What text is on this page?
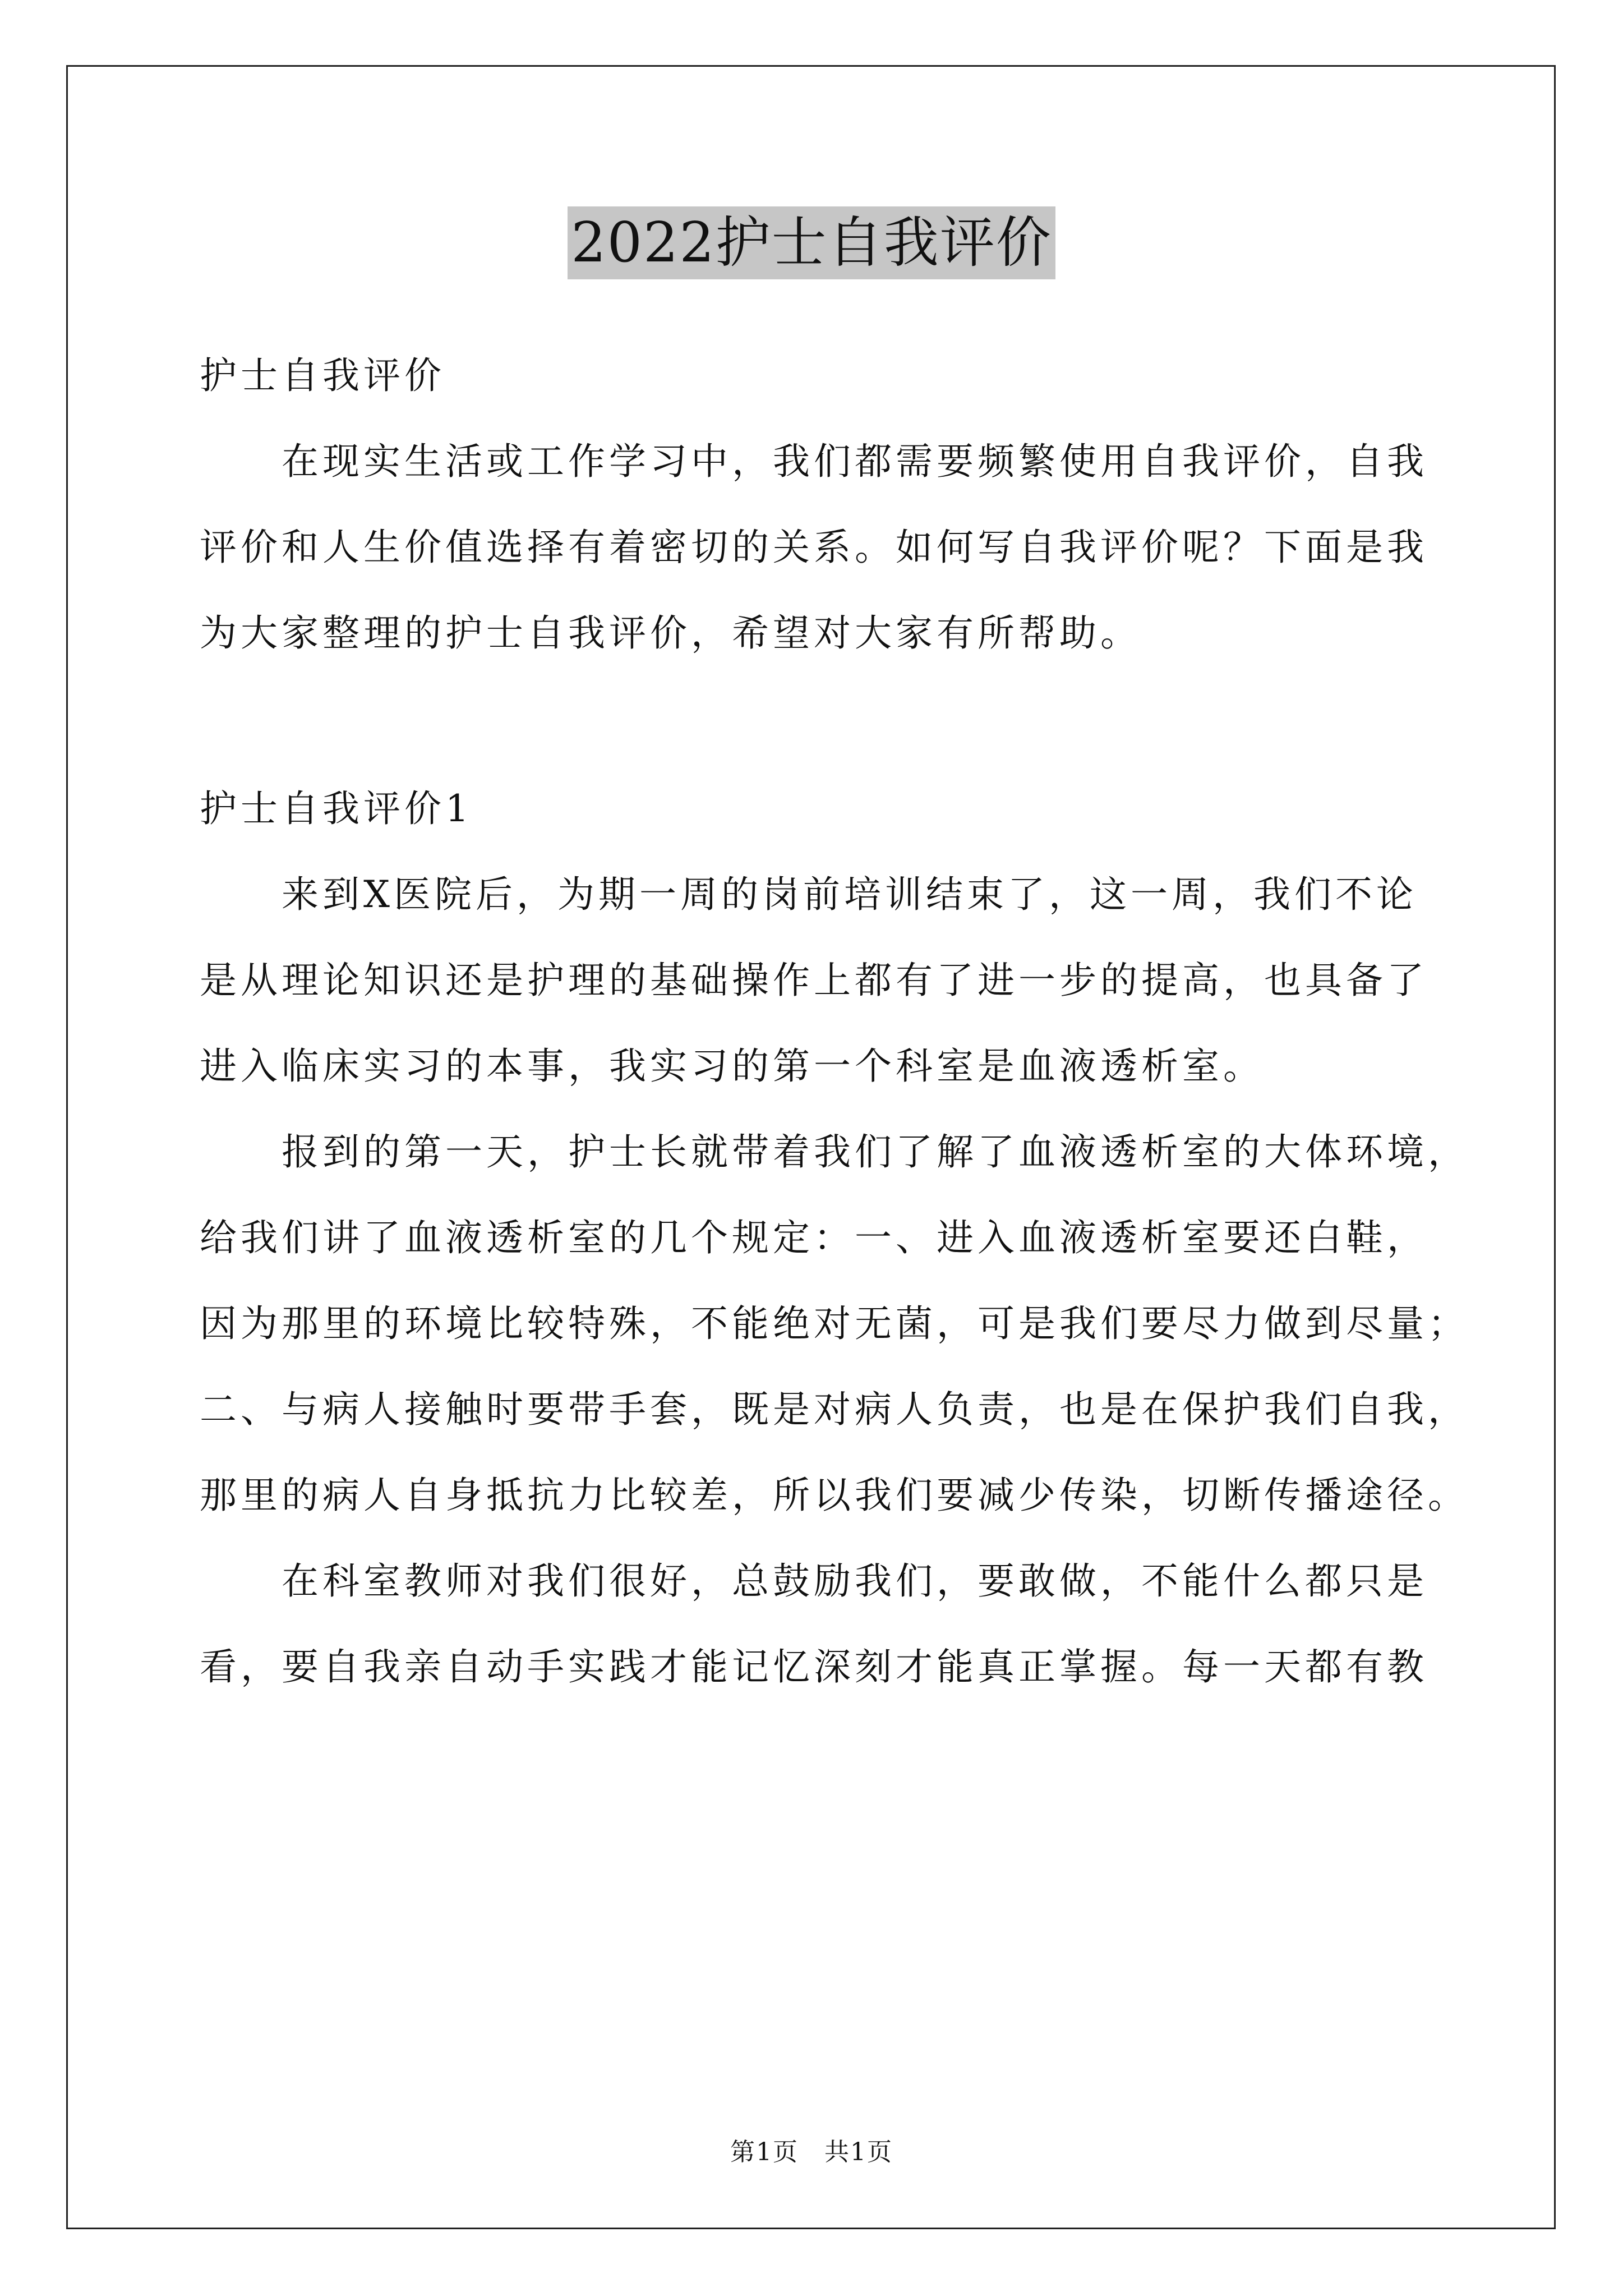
2022护士自我评价
护士自我评价
在现实生活或工作学习中，我们都需要频繁使用自我评价，自我
评价和人生价值选择有着密切的关系。如何写自我评价呢？下面是我
为大家整理的护士自我评价，希望对大家有所帮助。
护士自我评价1
来到X医院后，为期一周的岗前培训结束了，这一周，我们不论
是从理论知识还是护理的基础操作上都有了进一步的提高，也具备了
进入临床实习的本事，我实习的第一个科室是血液透析室。
报到的第一天，护士长就带着我们了解了血液透析室的大体环境，
给我们讲了血液透析室的几个规定：一、进入血液透析室要还白鞋，
因为那里的环境比较特殊，不能绝对无菌，可是我们要尽力做到尽量；
二、与病人接触时要带手套，既是对病人负责，也是在保护我们自我，
那里的病人自身抵抗力比较差，所以我们要减少传染，切断传播途径。
在科室教师对我们很好，总鼓励我们，要敢做，不能什么都只是
看，要自我亲自动手实践才能记忆深刻才能真正掌握。每一天都有教
第1页　共1页
